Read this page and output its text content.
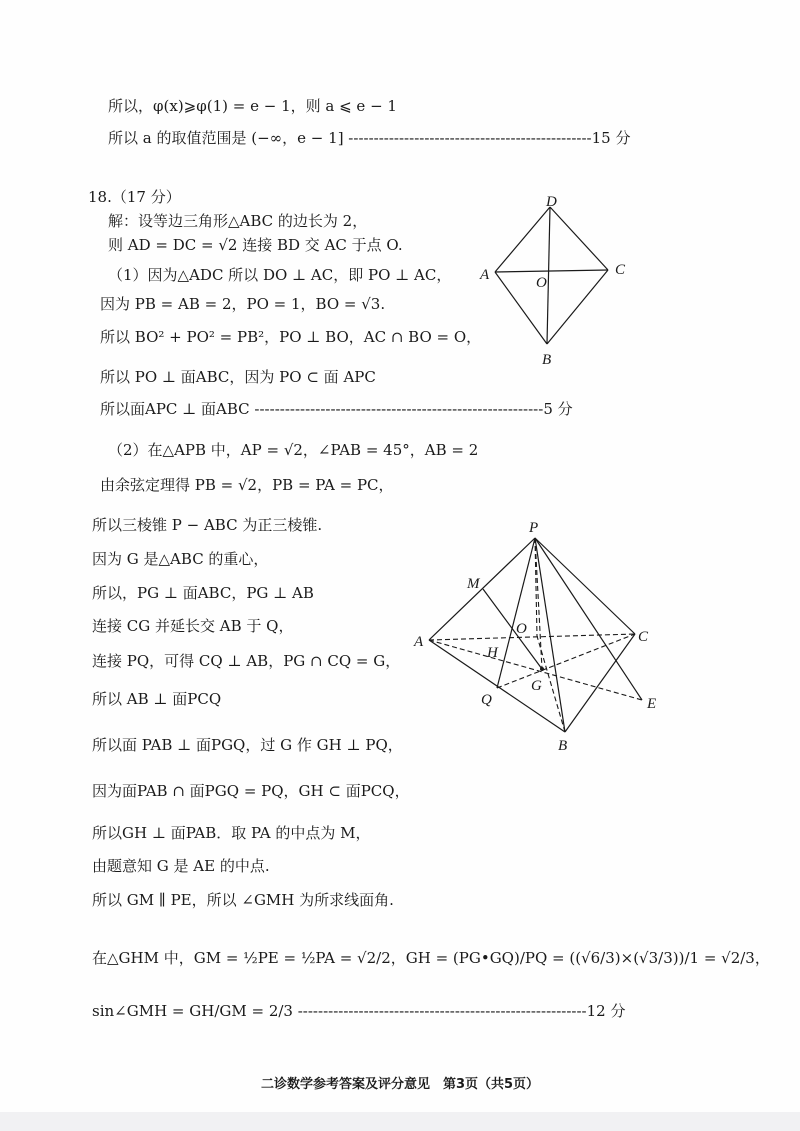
所以，φ(x)⩾φ(1) = e − 1，则 a ⩽ e − 1
所以 a 的取值范围是 (−∞，e − 1] ------------------------------------------------15 分
18.（17 分）
解：设等边三角形△ABC 的边长为 2，
则 AD = DC = √2 连接 BD 交 AC 于点 O.
（1）因为△ADC 所以 DO ⊥ AC，即 PO ⊥ AC，
因为 PB = AB = 2，PO = 1，BO = √3.
所以 BO² + PO² = PB²，PO ⊥ BO，AC ∩ BO = O，
所以 PO ⊥ 面ABC，因为 PO ⊂ 面 APC
所以面APC ⊥ 面ABC ---------------------------------------------------------5 分
（2）在△APB 中，AP = √2，∠PAB = 45°，AB = 2
由余弦定理得 PB = √2，PB = PA = PC，
所以三棱锥 P − ABC 为正三棱锥.
因为 G 是△ABC 的重心，
所以，PG ⊥ 面ABC，PG ⊥ AB
连接 CG 并延长交 AB 于 Q，
连接 PQ，可得 CQ ⊥ AB，PG ∩ CQ = G，
所以 AB ⊥ 面PCQ
所以面 PAB ⊥ 面PGQ，过 G 作 GH ⊥ PQ，
因为面PAB ∩ 面PGQ = PQ，GH ⊂ 面PCQ，
所以GH ⊥ 面PAB．取 PA 的中点为 M，
由题意知 G 是 AE 的中点.
所以 GM ∥ PE，所以 ∠GMH 为所求线面角.
在△GHM 中，GM = ½PE = ½PA = √2/2，GH = (PG•GQ)/PQ = ((√6/3)×(√3/3))/1 = √2/3，
sin∠GMH = GH/GM = 2/3 ---------------------------------------------------------12 分
D
A	O
C
B
P
M
O	C
A
H
G
Q	E
B
二诊数学参考答案及评分意见　第3页（共5页）
